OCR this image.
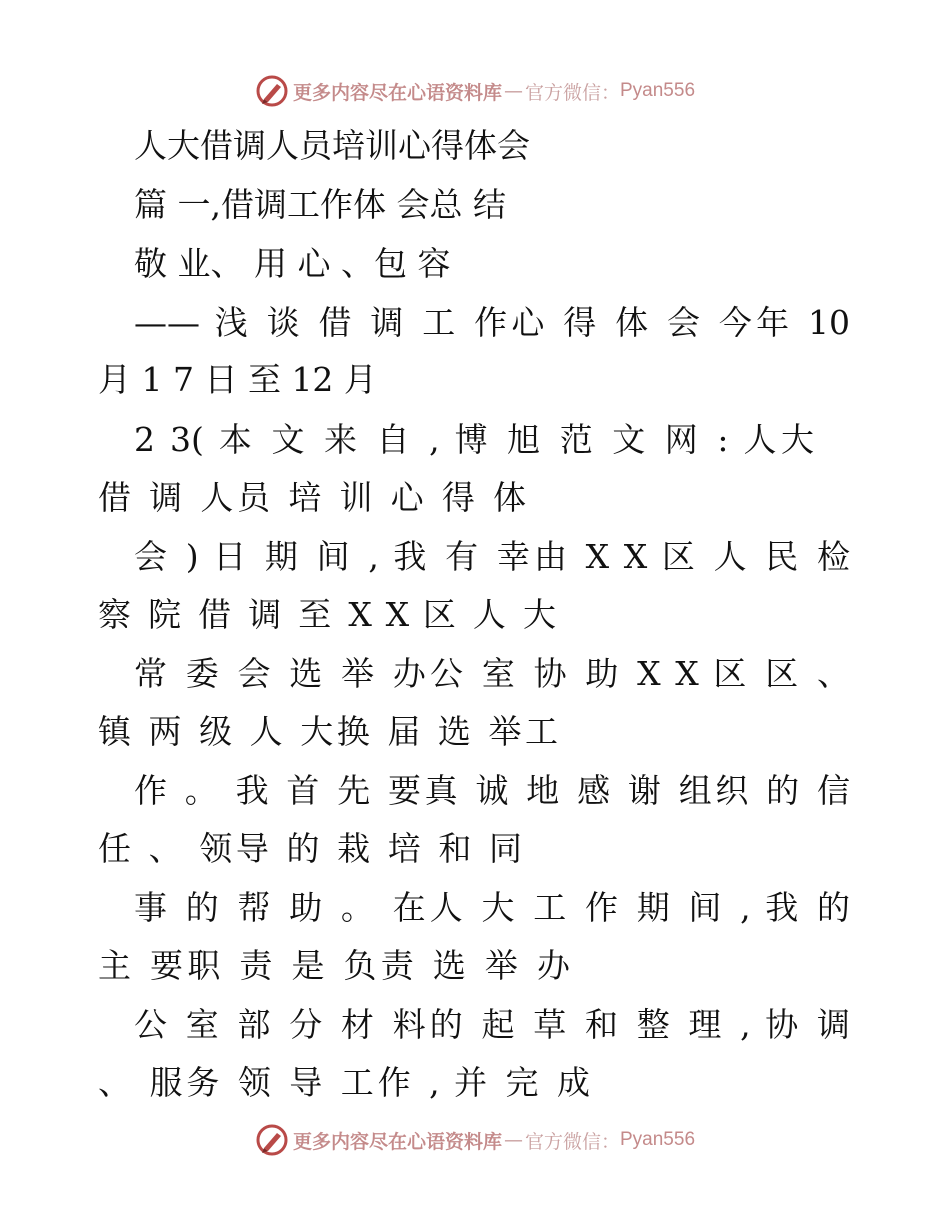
更多内容尽在心语资料库 — 官方微信： Pyan556
人大借调人员培训心得体会
篇 一,借调工作体 会总 结
敬 业、 用 心 、包 容
—— 浅 谈 借 调 工 作心 得 体 会 今年 10
月 1 7 日 至 12 月
2 3( 本 文 来 自 , 博 旭 范 文 网 : 人大
借 调 人员 培 训 心 得 体
会 ) 日 期 间 , 我 有 幸由 X X 区 人 民 检
察 院 借 调 至 X X 区 人 大
常 委 会 选 举 办公 室 协 助 X X 区 区 、
镇 两 级 人 大换 届 选 举工
作 。 我 首 先 要真 诚 地 感 谢 组织 的 信
任 、 领导 的 栽 培 和 同
事 的 帮 助 。 在人 大 工 作 期 间 , 我 的
主 要职 责 是 负责 选 举 办
公 室 部 分 材 料的 起 草 和 整 理 , 协 调
、 服务 领 导 工作 , 并 完 成
更多内容尽在心语资料库 — 官方微信： Pyan556
